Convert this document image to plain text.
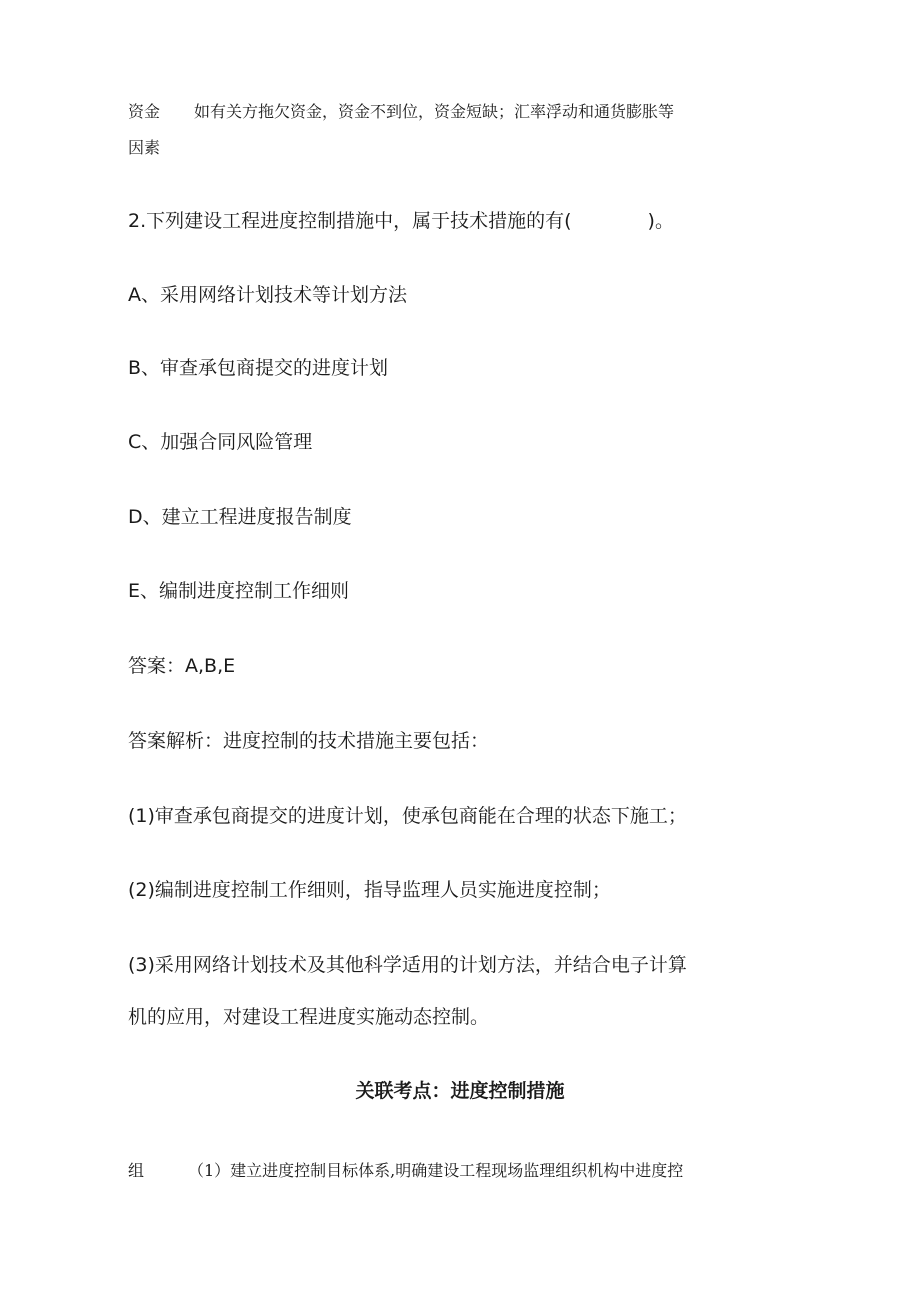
资金 如有关方拖欠资金，资金不到位，资金短缺；汇率浮动和通货膨胀等
因素
2.下列建设工程进度控制措施中，属于技术措施的有(　　　　)。
A、采用网络计划技术等计划方法
B、审查承包商提交的进度计划
C、加强合同风险管理
D、建立工程进度报告制度
E、编制进度控制工作细则
答案：A,B,E
答案解析：进度控制的技术措施主要包括：
(1)审查承包商提交的进度计划，使承包商能在合理的状态下施工；
(2)编制进度控制工作细则，指导监理人员实施进度控制；
(3)采用网络计划技术及其他科学适用的计划方法，并结合电子计算
机的应用，对建设工程进度实施动态控制。
关联考点：进度控制措施
组	（1）建立进度控制目标体系,明确建设工程现场监理组织机构中进度控
